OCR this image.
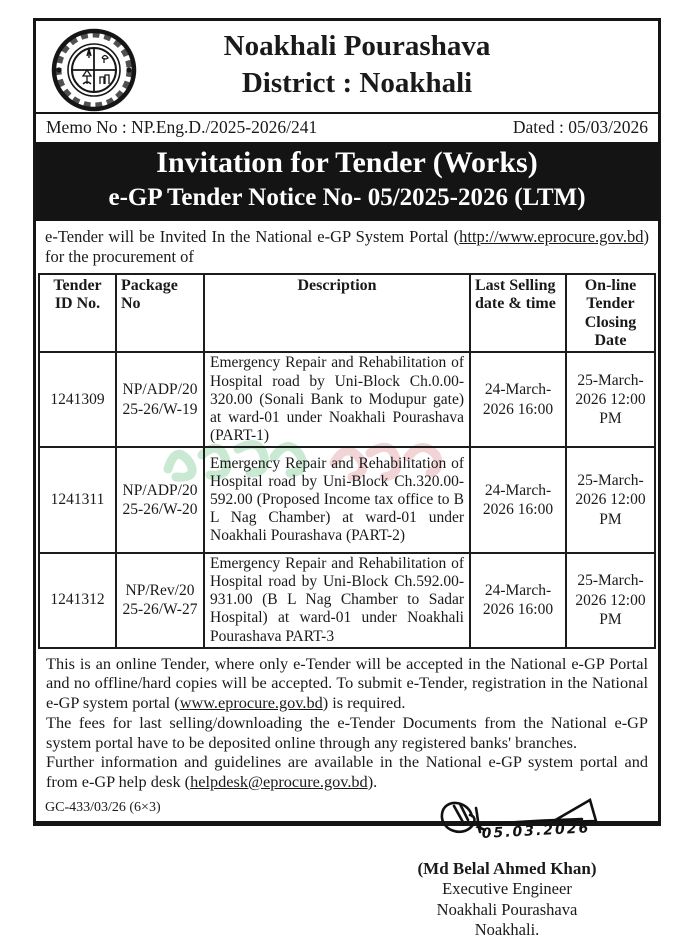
Noakhali Pourashava
District : Noakhali
Memo No : NP.Eng.D./2025-2026/241	Dated : 05/03/2026
Invitation for Tender (Works)
e-GP Tender Notice No- 05/2025-2026 (LTM)
e-Tender will be Invited In the National e-GP System Portal (http://www.eprocure.gov.bd) for the procurement of
Tender ID No.	Package No	Description	Last Selling date & time	On-line Tender Closing Date
1241309	NP/ADP/2025-26/W-19	Emergency Repair and Rehabilitation of Hospital road by Uni-Block Ch.0.00-320.00 (Sonali Bank to Modupur gate) at ward-01 under Noakhali Pourashava (PART-1)	24-March-2026 16:00	25-March-2026 12:00 PM
1241311	NP/ADP/2025-26/W-20	Emergency Repair and Rehabilitation of Hospital road by Uni-Block Ch.320.00-592.00 (Proposed Income tax office to B L Nag Chamber) at ward-01 under Noakhali Pourashava (PART-2)	24-March-2026 16:00	25-March-2026 12:00 PM
1241312	NP/Rev/2025-26/W-27	Emergency Repair and Rehabilitation of Hospital road by Uni-Block Ch.592.00-931.00 (B L Nag Chamber to Sadar Hospital) at ward-01 under Noakhali Pourashava PART-3	24-March-2026 16:00	25-March-2026 12:00 PM

This is an online Tender, where only e-Tender will be accepted in the National e-GP Portal and no offline/hard copies will be accepted. To submit e-Tender, registration in the National e-GP system portal (www.eprocure.gov.bd) is required.

The fees for last selling/downloading the e-Tender Documents from the National e-GP system portal have to be deposited online through any registered banks' branches.

Further information and guidelines are available in the National e-GP system portal and from e-GP help desk (helpdesk@eprocure.gov.bd).

05.03.2026
(Md Belal Ahmed Khan)
Executive Engineer
Noakhali Pourashava
Noakhali.
GC-433/03/26 (6×3)
